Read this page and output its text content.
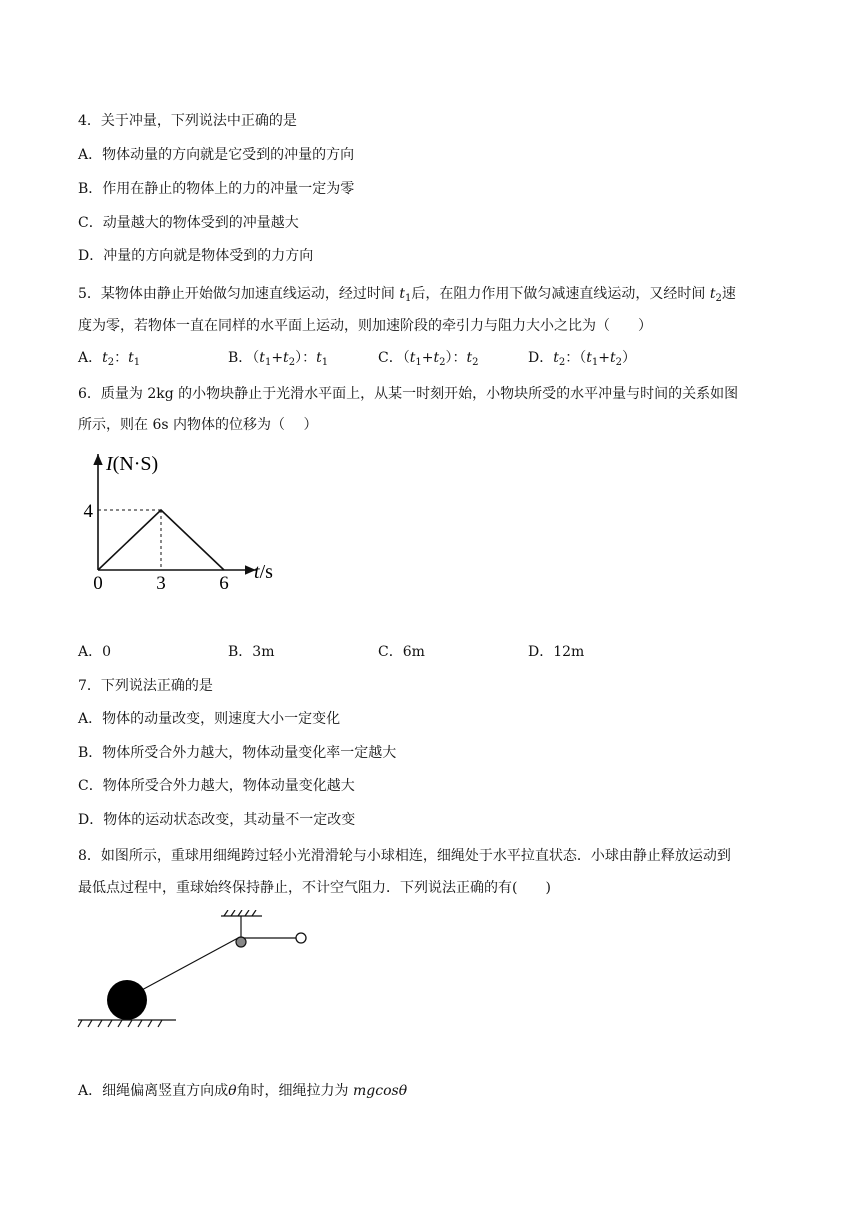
4．关于冲量，下列说法中正确的是
A．物体动量的方向就是它受到的冲量的方向
B．作用在静止的物体上的力的冲量一定为零
C．动量越大的物体受到的冲量越大
D．冲量的方向就是物体受到的力方向
5．某物体由静止开始做匀加速直线运动，经过时间 $t_1$后，在阻力作用下做匀减速直线运动，又经时间 $t_2$速
度为零，若物体一直在同样的水平面上运动，则加速阶段的牵引力与阻力大小之比为（　　）
A．$t_2$：$t_1$	B．$(t_1+t_2)$：$t_1$	C．$(t_1+t_2)$：$t_2$	D．$t_2$：$(t_1+t_2)$
6．质量为 2kg 的小物块静止于光滑水平面上，从某一时刻开始，小物块所受的水平冲量与时间的关系如图
所示，则在 6s 内物体的位移为（　 ）
I(N·S)
4
0	3	6
t/s
A．0	B．3m	C．6m	D．12m
7．下列说法正确的是
A．物体的动量改变，则速度大小一定变化
B．物体所受合外力越大，物体动量变化率一定越大
C．物体所受合外力越大，物体动量变化越大
D．物体的运动状态改变，其动量不一定改变
8．如图所示，重球用细绳跨过轻小光滑滑轮与小球相连，细绳处于水平拉直状态．小球由静止释放运动到
最低点过程中，重球始终保持静止，不计空气阻力．下列说法正确的有(　　)
A．细绳偏离竖直方向成θ角时，细绳拉力为 mgcosθ
